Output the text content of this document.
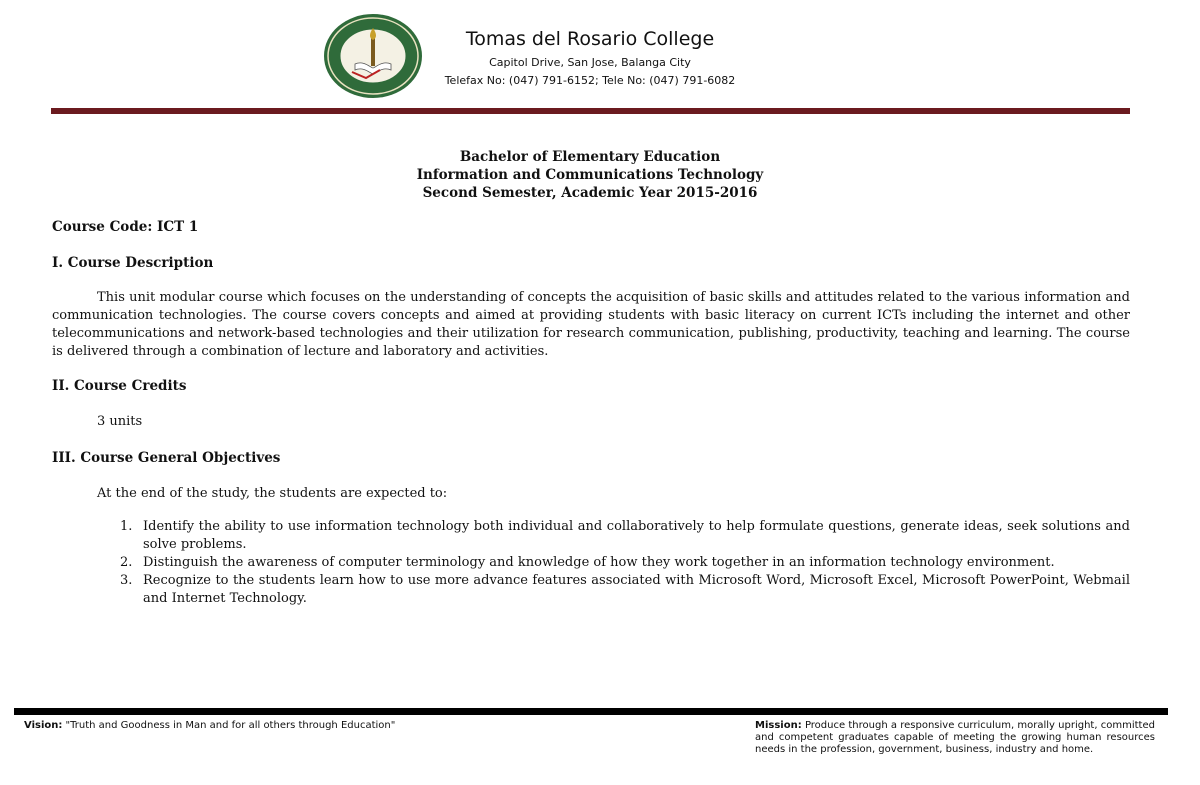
Tomas del Rosario College
Capitol Drive, San Jose, Balanga City
Telefax No: (047) 791-6152; Tele No: (047) 791-6082
Bachelor of Elementary Education
Information and Communications Technology
Second Semester, Academic Year 2015-2016
Course Code: ICT 1
I. Course Description

This unit modular course which focuses on the understanding of concepts the acquisition of basic skills and attitudes related to the various information and communication technologies. The course covers concepts and aimed at providing students with basic literacy on current ICTs including the internet and other telecommunications and network-based technologies and their utilization for research communication, publishing, productivity, teaching and learning. The course is delivered through a combination of lecture and laboratory and activities.

II. Course Credits
3 units
III. Course General Objectives
At the end of the study, the students are expected to:
1. Identify the ability to use information technology both individual and collaboratively to help formulate questions, generate ideas, seek solutions and solve problems.
2. Distinguish the awareness of computer terminology and knowledge of how they work together in an information technology environment.
3. Recognize to the students learn how to use more advance features associated with Microsoft Word, Microsoft Excel, Microsoft PowerPoint, Webmail and Internet Technology.
Vision: "Truth and Goodness in Man and for all others through Education"	Mission: Produce through a responsive curriculum, morally upright, committed and competent graduates capable of meeting the growing human resources needs in the profession, government, business, industry and home.
